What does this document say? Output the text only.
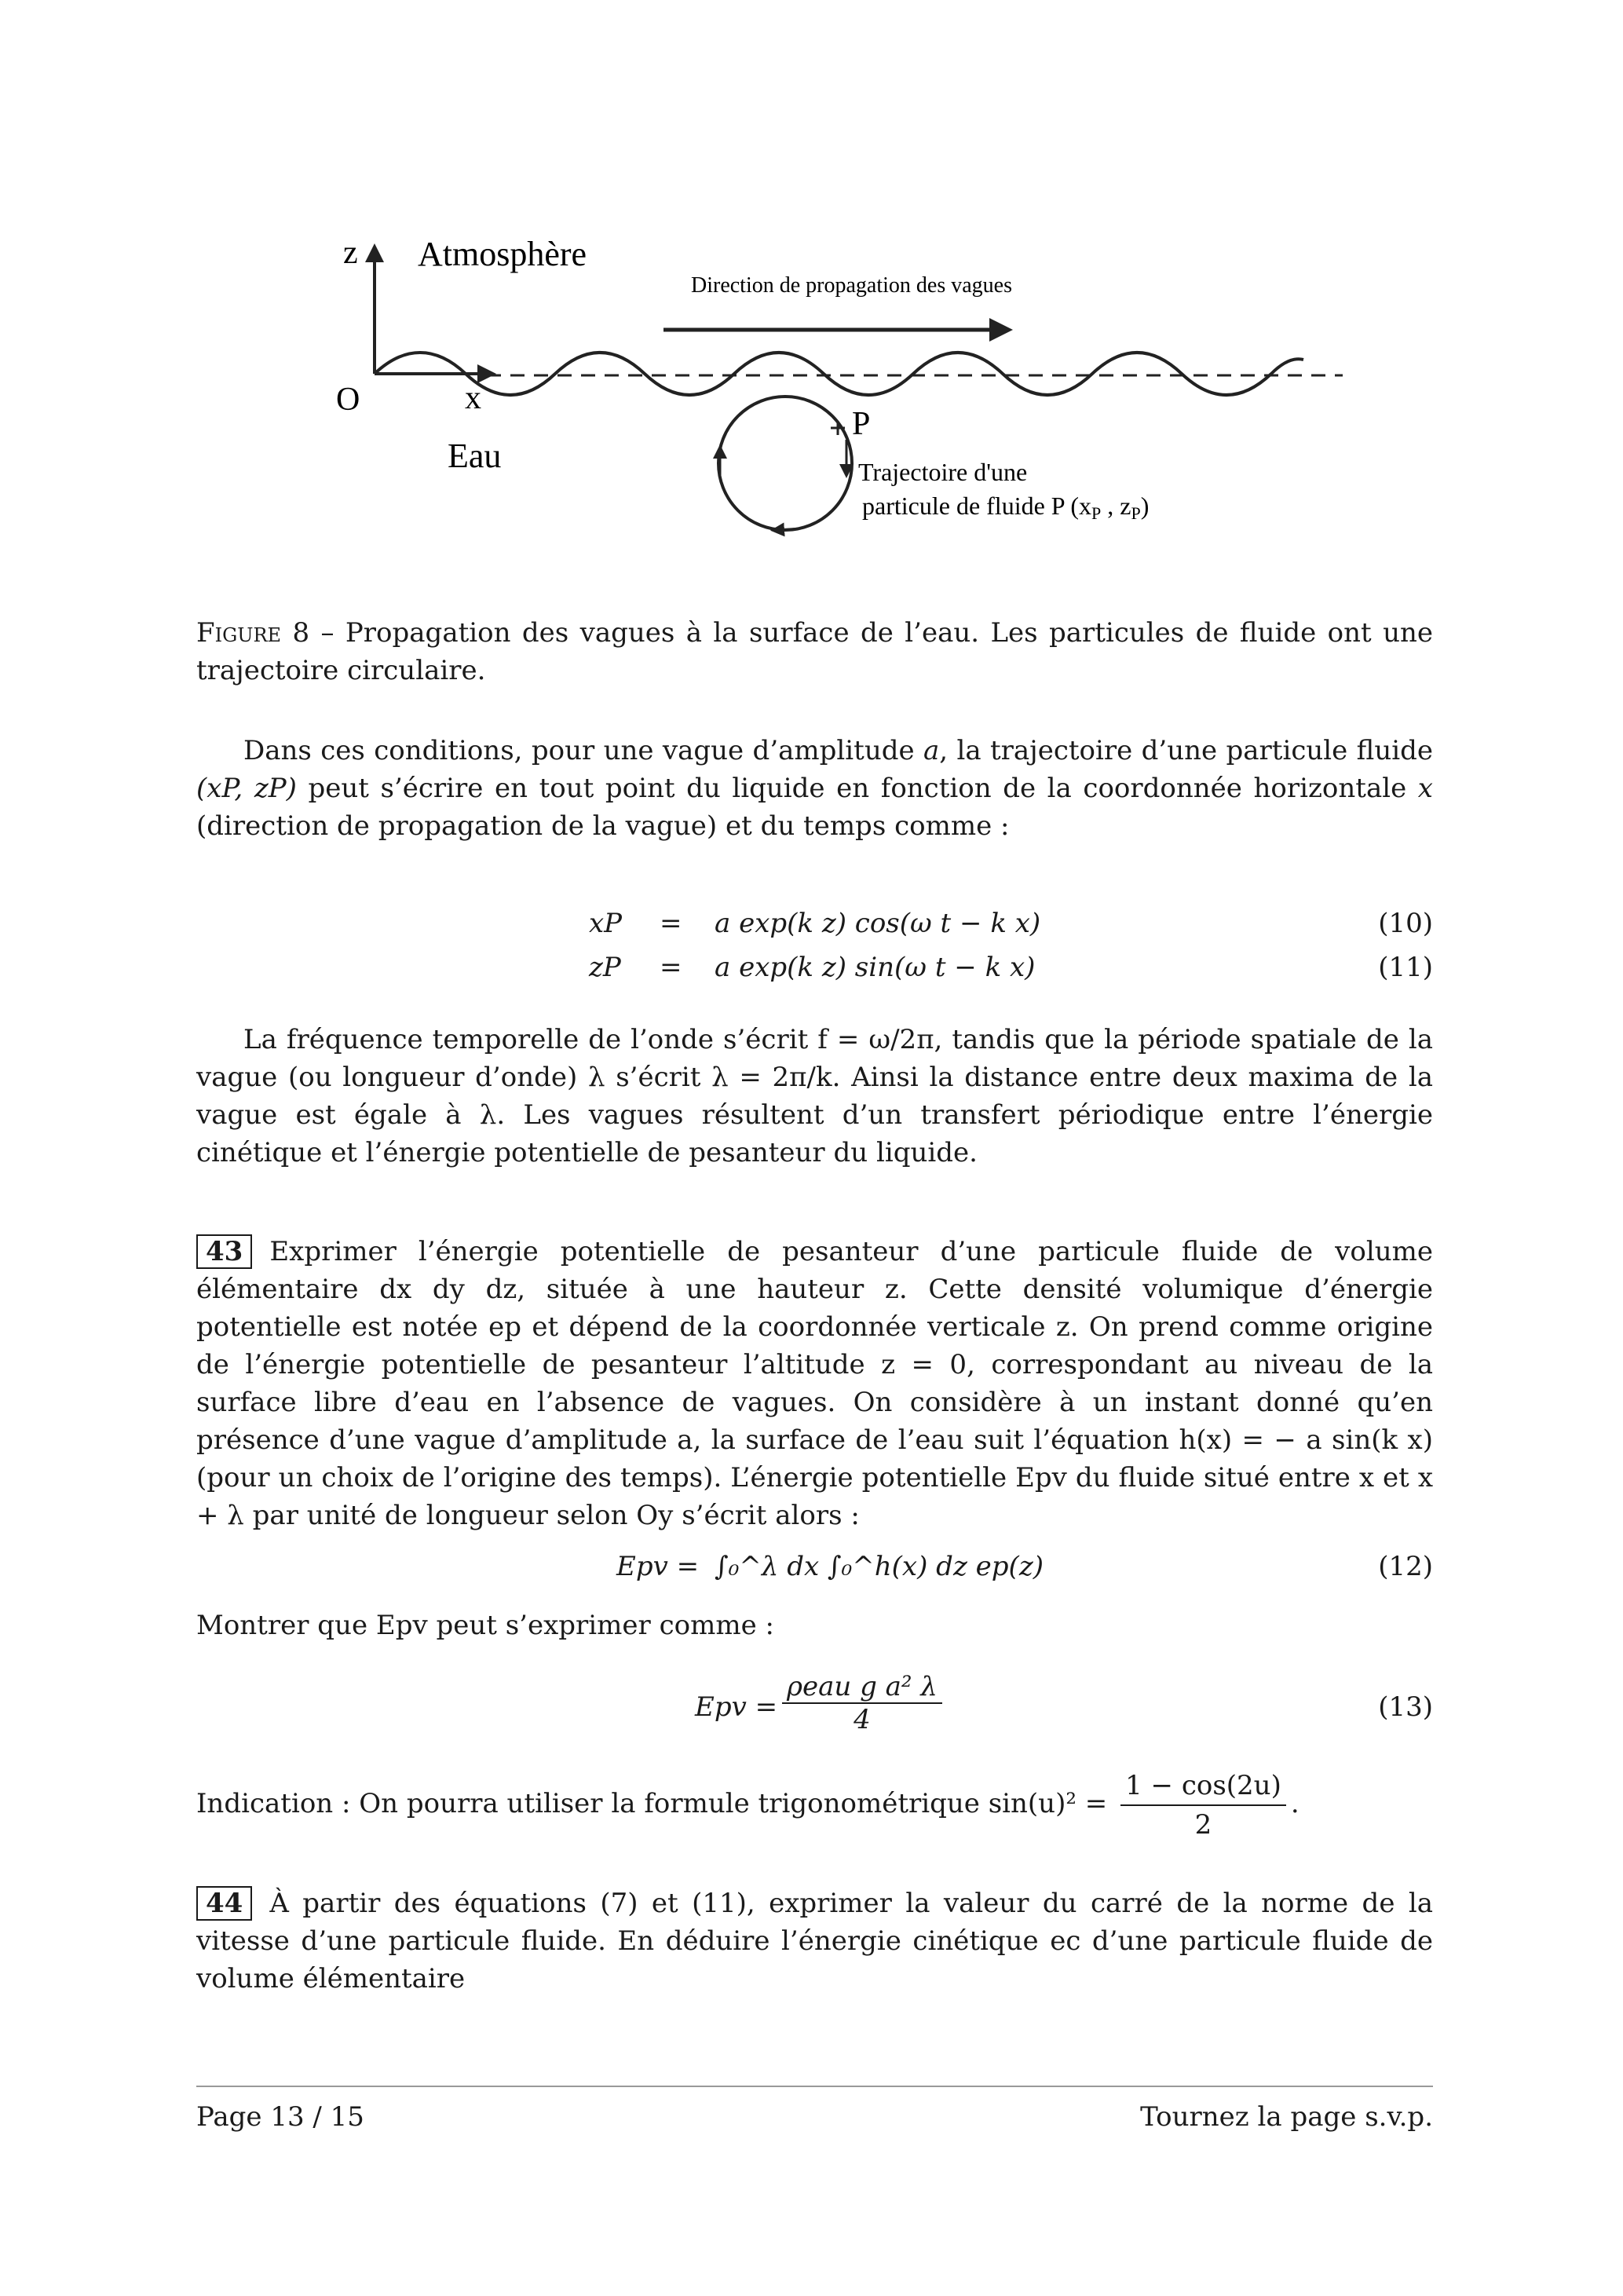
z Atmosphère
Direction de propagation des vagues
O	x
Eau
P
Trajectoire d'une
particule de fluide P (xP , zP)
Figure 8 – Propagation des vagues à la surface de l’eau. Les particules de fluide ont une trajectoire circulaire.
Dans ces conditions, pour une vague d’amplitude a, la trajectoire d’une particule fluide (xP, zP) peut s’écrire en tout point du liquide en fonction de la coordonnée horizontale x (direction de propagation de la vague) et du temps comme :
xP = a exp(k z) cos(ω t − k x)	(10)
zP = a exp(k z) sin(ω t − k x)	(11)
La fréquence temporelle de l’onde s’écrit f = ω/2π, tandis que la période spatiale de la vague (ou longueur d’onde) λ s’écrit λ = 2π/k. Ainsi la distance entre deux maxima de la vague est égale à λ. Les vagues résultent d’un transfert périodique entre l’énergie cinétique et l’énergie potentielle de pesanteur du liquide.
43 Exprimer l’énergie potentielle de pesanteur d’une particule fluide de volume élémentaire dx dy dz, située à une hauteur z. Cette densité volumique d’énergie potentielle est notée ep et dépend de la coordonnée verticale z. On prend comme origine de l’énergie potentielle de pesanteur l’altitude z = 0, correspondant au niveau de la surface libre d’eau en l’absence de vagues. On considère à un instant donné qu’en présence d’une vague d’amplitude a, la surface de l’eau suit l’équation h(x) = − a sin(k x) (pour un choix de l’origine des temps). L’énergie potentielle Epv du fluide situé entre x et x + λ par unité de longueur selon Oy s’écrit alors :
Epv = ∫₀^λ dx ∫₀^h(x) dz ep(z)	(12)
Montrer que Epv peut s’exprimer comme :
Epv =
ρeau g a² λ
4	(13)
Indication : On pourra utiliser la formule trigonométrique $\sin(u)^2 = \frac{1 - \cos(2u)}{2}$ .
44 À partir des équations (7) et (11), exprimer la valeur du carré de la norme de la vitesse d’une particule fluide. En déduire l’énergie cinétique ec d’une particule fluide de volume élémentaire
Page 13 / 15	Tournez la page s.v.p.
